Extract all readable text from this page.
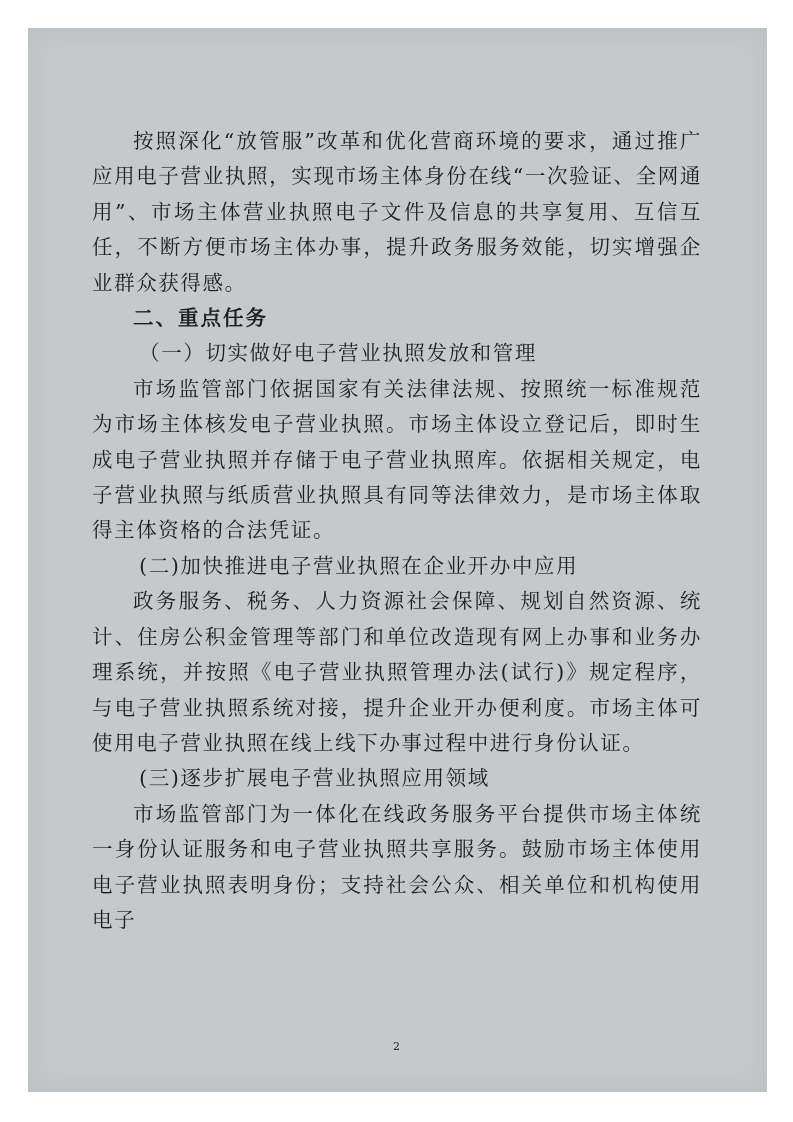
按照深化“放管服”改革和优化营商环境的要求，通过推广应用电子营业执照，实现市场主体身份在线“一次验证、全网通用”、市场主体营业执照电子文件及信息的共享复用、互信互任，不断方便市场主体办事，提升政务服务效能，切实增强企业群众获得感。

二、重点任务

（一）切实做好电子营业执照发放和管理

市场监管部门依据国家有关法律法规、按照统一标准规范为市场主体核发电子营业执照。市场主体设立登记后，即时生成电子营业执照并存储于电子营业执照库。依据相关规定，电子营业执照与纸质营业执照具有同等法律效力，是市场主体取得主体资格的合法凭证。

(二)加快推进电子营业执照在企业开办中应用

政务服务、税务、人力资源社会保障、规划自然资源、统计、住房公积金管理等部门和单位改造现有网上办事和业务办理系统，并按照《电子营业执照管理办法(试行)》规定程序，与电子营业执照系统对接，提升企业开办便利度。市场主体可使用电子营业执照在线上线下办事过程中进行身份认证。

(三)逐步扩展电子营业执照应用领域

市场监管部门为一体化在线政务服务平台提供市场主体统一身份认证服务和电子营业执照共享服务。鼓励市场主体使用电子营业执照表明身份；支持社会公众、相关单位和机构使用电子

2
